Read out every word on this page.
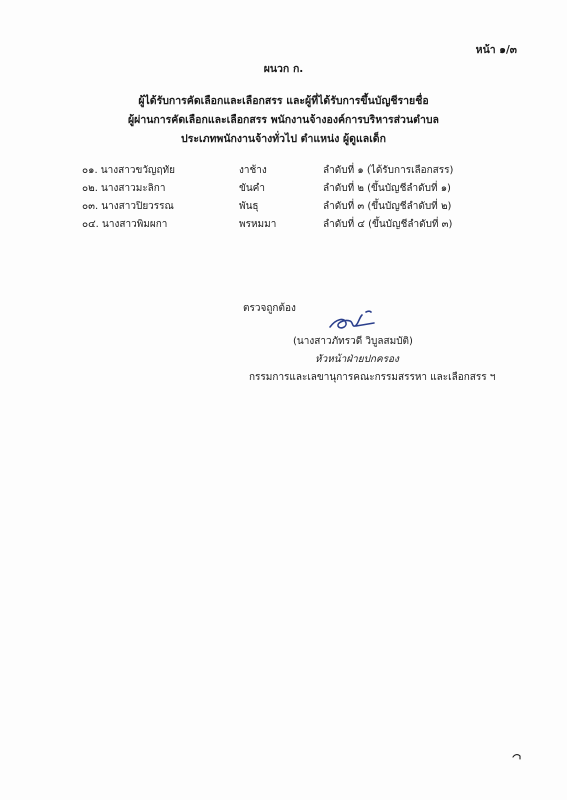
หน้า ๑/๓
ผนวก ก.
ผู้ได้รับการคัดเลือกและเลือกสรร และผู้ที่ได้รับการขึ้นบัญชีรายชื่อ
ผู้ผ่านการคัดเลือกและเลือกสรร พนักงานจ้างองค์การบริหารส่วนตำบล
ประเภทพนักงานจ้างทั่วไป ตำแหน่ง ผู้ดูแลเด็ก
๐๑. นางสาวขวัญฤทัย	งาช้าง	ลำดับที่ ๑ (ได้รับการเลือกสรร)
๐๒. นางสาวมะลิกา	ขันคำ	ลำดับที่ ๒ (ขึ้นบัญชีลำดับที่ ๑)
๐๓. นางสาวปิยวรรณ	พันธุ	ลำดับที่ ๓ (ขึ้นบัญชีลำดับที่ ๒)
๐๔. นางสาวพิมผกา	พรหมมา	ลำดับที่ ๔ (ขึ้นบัญชีลำดับที่ ๓)
ตรวจถูกต้อง
(นางสาวภัทรวดี วิบูลสมบัติ)
หัวหน้าฝ่ายปกครอง
กรรมการและเลขานุการคณะกรรมสรรหา และเลือกสรร ฯ
